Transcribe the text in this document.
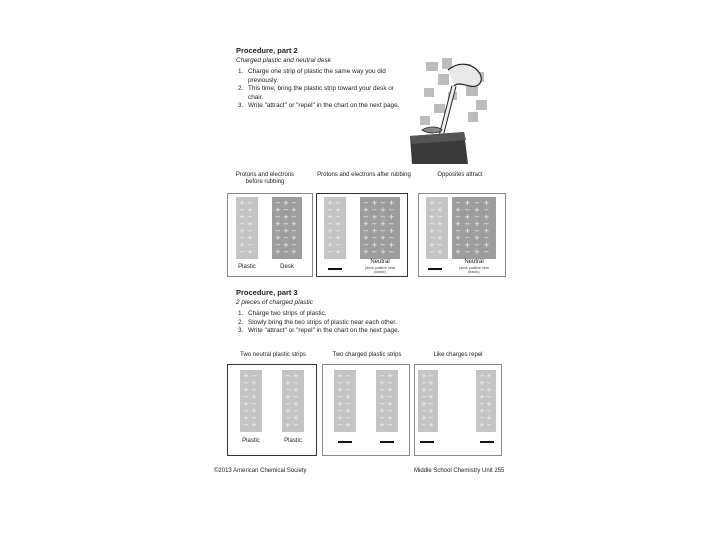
Procedure, part 2
Charged plastic and neutral desk
1. Charge one strip of plastic the same way you did
previously.
2. This time, bring the plastic strip toward your desk or
chair.
3. Write "attract" or "repel" in the chart on the next page.
Protons and electrons before rubbing
Protons and electrons after rubbing	Opposites attract
Plastic	Desk
Neutral
(desk positive near plastic)
Neutral
(desk positive near plastic)
Procedure, part 3
2 pieces of charged plastic
1. Charge two strips of plastic.
2. Slowly bring the two strips of plastic near each other.
3. Write "attract" or "repel" in the chart on the next page.
Two neutral plastic strips	Two charged plastic strips	Like charges repel
Plastic	Plastic
+ −
− +
+ −
− +
+ −
− +
+ −
− +
− + −
+ − +
− + −
+ − +
− + −
+ − +
− + −
+ − +
+ −
− +
+ −
− +
+ −
− +
+ −
− +
− + − +
+ − + −
− + − +
+ − + −
− + − +
+ − + −
− + − +
+ − + −
+ −
− +
+ −
− +
+ −
− +
+ −
− +
− + − +
+ − + −
− + − +
+ − + −
− + − +
+ − + −
− + − +
+ − + −
+ −
− +
+ −
− +
+ −
− +
+ −
− +
− +
+ −
− +
+ −
− +
+ −
− +
+ −
+ −
− +
+ −
− +
+ −
− +
+ −
− +
− +
+ −
− +
+ −
− +
+ −
− +
+ −
+ −
− +
+ −
− +
+ −
− +
+ −
− +
− +
+ −
− +
+ −
− +
+ −
− +
+ −
©2013 American Chemical Society	Middle School Chemistry Unit 255
